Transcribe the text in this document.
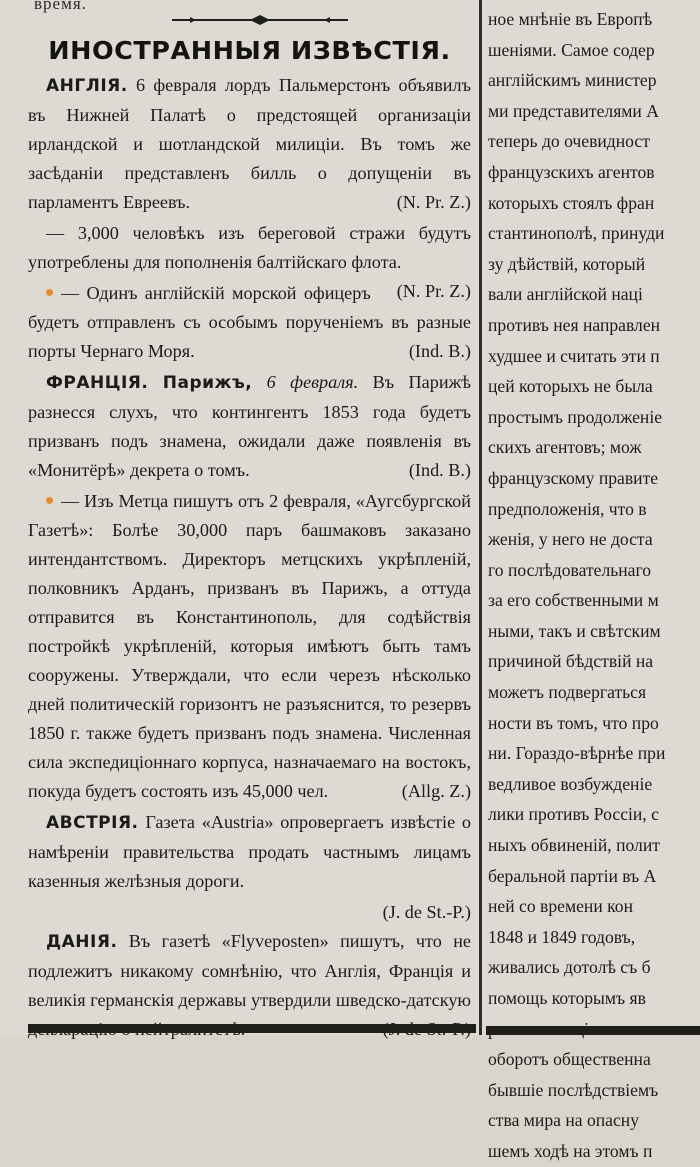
время.

ИНОСТРАННЫЯ ИЗВѢСТІЯ.

АНГЛІЯ. 6 февраля лордъ Пальмерстонъ объявилъ въ Нижней Палатѣ о предстоящей организаціи ирландской и шотландской милиціи. Въ томъ же засѣданіи представленъ билль о допущеніи въ парламентъ Евреевъ.	(N. Pr. Z.)

— 3,000 человѣкъ изъ береговой стражи будутъ употреблены для пополненія балтійскаго флота.
(N. Pr. Z.)

— Одинъ англійскій морской офицеръ будетъ отправленъ съ особымъ порученіемъ въ разные порты Чернаго Моря.	(Ind. B.)

ФРАНЦІЯ. Парижъ, 6 февраля. Въ Парижѣ разнесся слухъ, что контингентъ 1853 года будетъ призванъ подъ знамена, ожидали даже появленія въ «Монитёрѣ» декрета о томъ.	(Ind. B.)

— Изъ Метца пишутъ отъ 2 февраля, «Аугсбургской Газетѣ»: Болѣе 30,000 паръ башмаковъ заказано интендантствомъ. Директоръ метцскихъ укрѣпленій, полковникъ Арданъ, призванъ въ Парижъ, а оттуда отправится въ Константинополь, для содѣйствія постройкѣ укрѣпленій, которыя имѣютъ быть тамъ сооружены. Утверждали, что если черезъ нѣсколько дней политическій горизонтъ не разъяснится, то резервъ 1850 г. также будетъ призванъ подъ знамена. Численная сила экспедиціоннаго корпуса, назначаемаго на востокъ, покуда будетъ состоять изъ 45,000 чел.	(Allg. Z.)

АВСТРІЯ. Газета «Austria» опровергаетъ извѣстіе о намѣреніи правительства продать частнымъ лицамъ казенныя желѣзныя дороги.

(J. de St.-P.)

ДАНІЯ. Въ газетѣ «Flyveposten» пишутъ, что не подлежитъ никакому сомнѣнію, что Англія, Франція и великія германскія державы утвердили шведско-датскую

ное мнѣніе въ Европѣ

шеніями. Самое содер

англійскимъ министер

ми представителями А

теперь до очевидност

французскихъ агентов

которыхъ стоялъ фран

стантинополѣ, принуди

зу дѣйствій, который

вали англійской наці

противъ нея направлен

худшее и считать эти п

цей которыхъ не была

простымъ продолженіе

скихъ агентовъ; мож

французскому правите

предположенія, что в

женія, у него не доста

го послѣдовательнаго

за его собственными м

ными, такъ и свѣтским

причиной бѣдствій на

можетъ подвергаться

ности въ томъ, что про

ни. Гораздо-вѣрнѣе при

ведливое возбужденіе

лики противъ Россіи, с

ныхъ обвиненій, полит

беральной партіи въ А

ней со времени кон

1848 и 1849 годовъ,

живались дотолѣ съ б

помощь которымъ яв

оборотъ общественна

бывшіе послѣдствіемъ

ства мира на опасну

шемъ ходѣ на этомъ п
